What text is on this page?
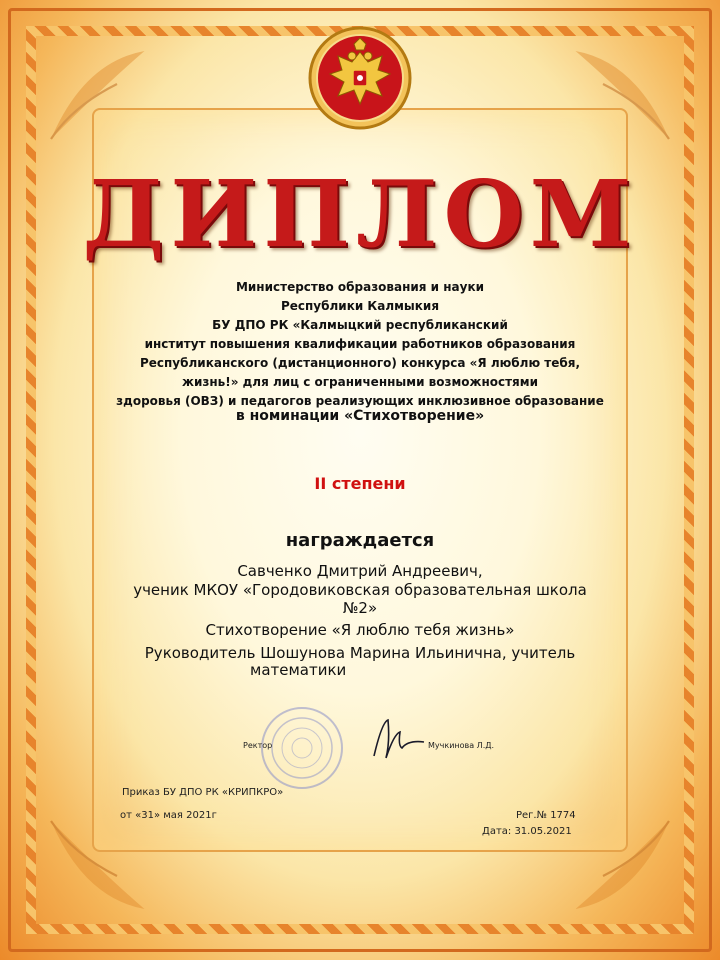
ДИПЛОМ

Министерство образования и науки

Республики Калмыкия

БУ ДПО РК «Калмыцкий республиканский

институт повышения квалификации работников образования

Республиканского (дистанционного) конкурса «Я люблю тебя,

жизнь!» для лиц с ограниченными возможностями

здоровья (ОВЗ) и педагогов реализующих инклюзивное образование

в номинации «Стихотворение»
II степени
награждается

Савченко Дмитрий Андреевич,

ученик МКОУ «Городовиковская образовательная школа

№2»

Стихотворение «Я люблю тебя жизнь»

Руководитель Шошунова Марина Ильинична, учитель

математики

Ректор	Мучкинова Л.Д.
Приказ БУ ДПО РК «КРИПКРО»
от «31» мая 2021г	Рег.№ 1774
Дата: 31.05.2021
